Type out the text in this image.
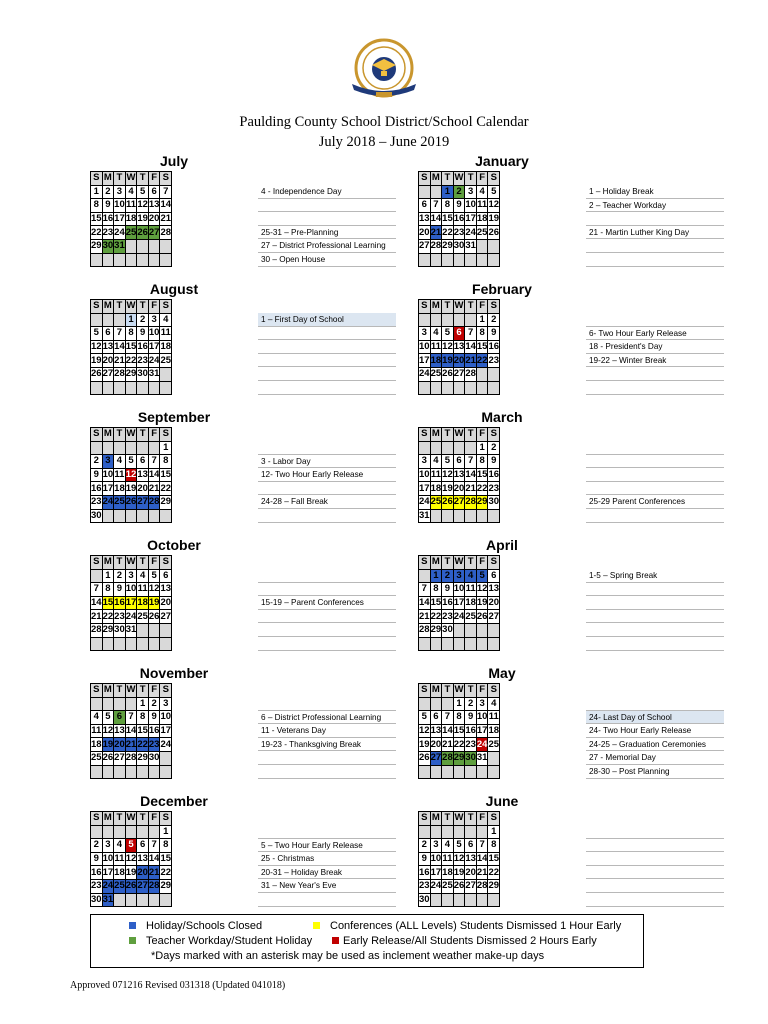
Paulding County School District/School Calendar
July 2018 – June 2019
July
S	M	T	W	T	F	S
1	2	3	4	5	6	7
8	9	10	11	12	13	14
15	16	17	18	19	20	21
22	23	24	25	26	27	28
29	30	31				

4 - Independence Day
25-31 – Pre-Planning
27 – District Professional Learning
30 – Open House
August
S	M	T	W	T	F	S
			1	2	3	4
5	6	7	8	9	10	11
12	13	14	15	16	17	18
19	20	21	22	23	24	25
26	27	28	29	30	31	

1 – First Day of School
September
S	M	T	W	T	F	S
						1
2	3	4	5	6	7	8
9	10	11	12	13	14	15
16	17	18	19	20	21	22
23	24	25	26	27	28	29
30						
3 - Labor Day
12- Two Hour Early Release
24-28 – Fall Break
October
S	M	T	W	T	F	S
	1	2	3	4	5	6
7	8	9	10	11	12	13
14	15	16	17	18	19	20
21	22	23	24	25	26	27
28	29	30	31			

15-19 – Parent Conferences
November
S	M	T	W	T	F	S
				1	2	3
4	5	6	7	8	9	10
11	12	13	14	15	16	17
18	19	20	21	22	23	24
25	26	27	28	29	30	

6 – District Professional Learning
11 - Veterans Day
19-23 - Thanksgiving Break
December
S	M	T	W	T	F	S
						1
2	3	4	5	6	7	8
9	10	11	12	13	14	15
16	17	18	19	20	21	22
23	24	25	26	27	28	29
30	31					
5 – Two Hour Early Release
25 - Christmas
20-31 – Holiday Break
31 – New Year's Eve
January
S	M	T	W	T	F	S
		1	2	3	4	5
6	7	8	9	10	11	12
13	14	15	16	17	18	19
20	21	22	23	24	25	26
27	28	29	30	31		

1 – Holiday Break
2 – Teacher Workday
21 - Martin Luther King Day
February
S	M	T	W	T	F	S
					1	2
3	4	5	6	7	8	9
10	11	12	13	14	15	16
17	18	19	20	21	22	23
24	25	26	27	28		

6- Two Hour Early Release
18 - President's Day
19-22 – Winter Break
March
S	M	T	W	T	F	S
					1	2
3	4	5	6	7	8	9
10	11	12	13	14	15	16
17	18	19	20	21	22	23
24	25	26	27	28	29	30
31						
25-29 Parent Conferences
April
S	M	T	W	T	F	S
	1	2	3	4	5	6
7	8	9	10	11	12	13
14	15	16	17	18	19	20
21	22	23	24	25	26	27
28	29	30				

1-5 – Spring Break
May
S	M	T	W	T	F	S
			1	2	3	4
5	6	7	8	9	10	11
12	13	14	15	16	17	18
19	20	21	22	23	24	25
26	27	28	29	30	31	

24- Last Day of School
24- Two Hour Early Release
24-25 – Graduation Ceremonies
27 - Memorial Day
28-30 – Post Planning
June
S	M	T	W	T	F	S
						1
2	3	4	5	6	7	8
9	10	11	12	13	14	15
16	17	18	19	20	21	22
23	24	25	26	27	28	29
30						
Holiday/Schools Closed	Conferences (ALL Levels) Students Dismissed 1 Hour Early
Teacher Workday/Student Holiday	Early Release/All Students Dismissed 2 Hours Early
*Days marked with an asterisk may be used as inclement weather make-up days
Approved 071216 Revised 031318 (Updated 041018)
